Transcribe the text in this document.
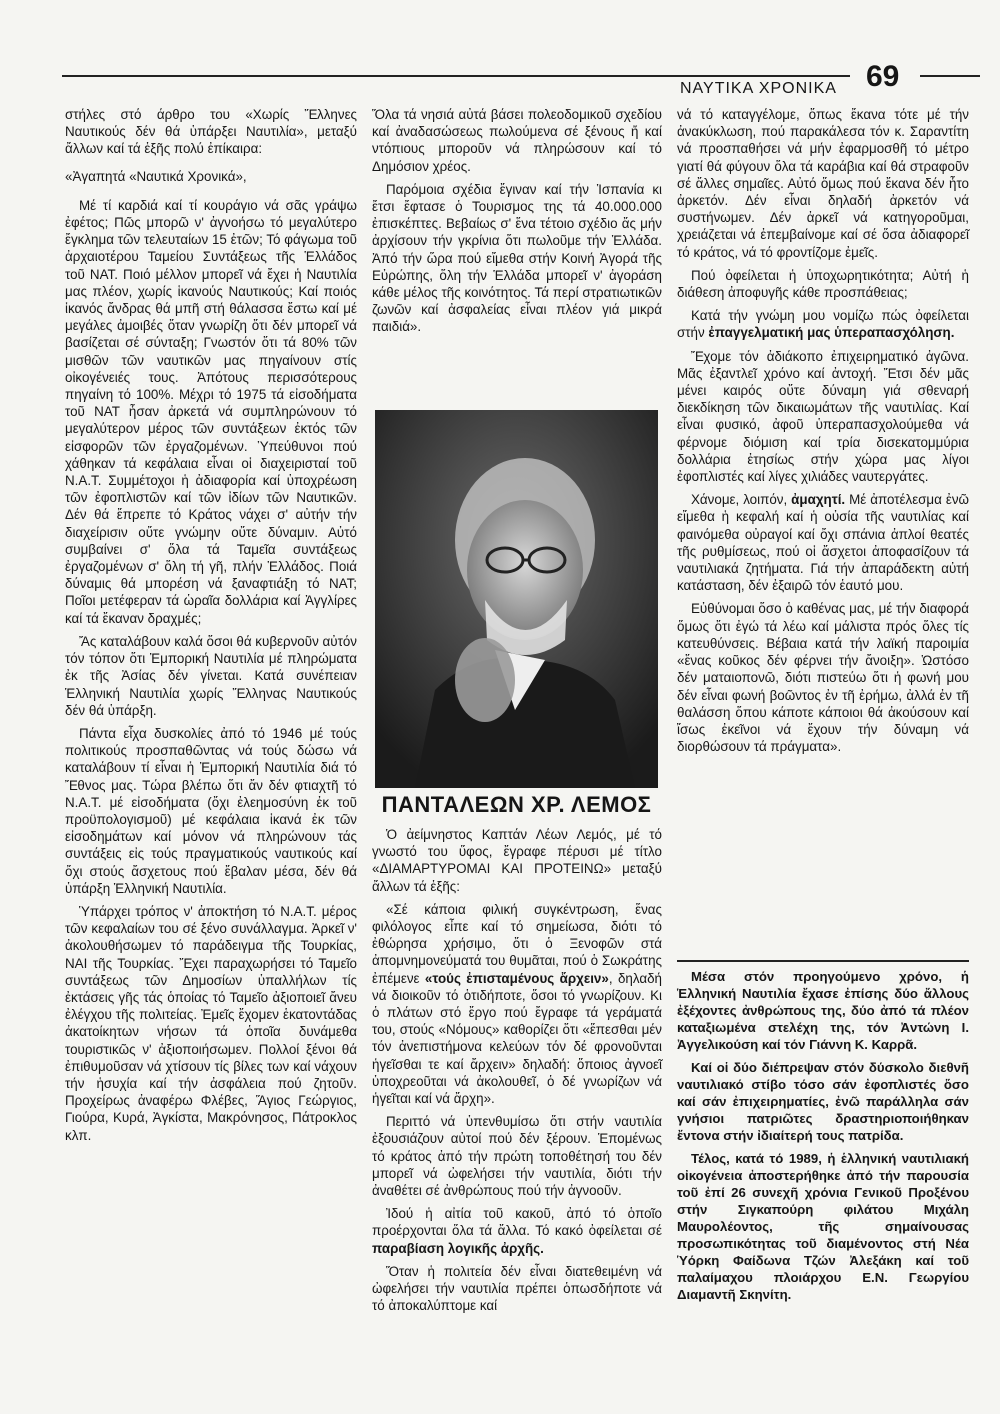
ΝΑΥΤΙΚΑ ΧΡΟΝΙΚΑ 69

στήλες στό άρθρο του «Χωρίς Ἕλληνες Ναυτικούς δέν θά ὑπάρξει Ναυτιλία», μεταξύ ἄλλων καί τά ἑξῆς πολύ ἐπίκαιρα:

«Ἀγαπητά «Ναυτικά Χρονικά»,

Μέ τί καρδιά καί τί κουράγιο νά σᾶς γράψω ἐφέτος; Πῶς μπορῶ ν' ἀγνοήσω τό μεγαλύτερο ἔγκλημα τῶν τελευταίων 15 ἐτῶν; Τό φάγωμα τοῦ ἀρχαιοτέρου Ταμείου Συντάξεως τῆς Ἑλλάδος τοῦ ΝΑΤ. Ποιό μέλλον μπορεῖ νά ἔχει ἡ Ναυτιλία μας πλέον, χωρίς ἱκανούς Ναυτικούς; Καί ποιός ἱκανός ἄνδρας θά μπῆ στή θάλασσα ἔστω καί μέ μεγάλες ἀμοιβές ὅταν γνωρίζη ὅτι δέν μπορεῖ νά βασίζεται σέ σύνταξη; Γνωστόν ὅτι τά 80% τῶν μισθῶν τῶν ναυτικῶν μας πηγαίνουν στίς οἰκογένειές τους. Ἀπότους περισσότερους πηγαίνη τό 100%. Μέχρι τό 1975 τά εἰσοδήματα τοῦ ΝΑΤ ἦσαν ἀρκετά νά συμπληρώνουν τό μεγαλύτερον μέρος τῶν συντάξεων ἐκτός τῶν εἰσφορῶν τῶν ἐργαζομένων. Ὑπεύθυνοι πού χάθηκαν τά κεφάλαια εἶναι οἱ διαχειρισταί τοῦ Ν.Α.Τ. Συμμέτοχοι ἡ ἀδιαφορία καί ὑποχρέωση τῶν ἐφοπλιστῶν καί τῶν ἰδίων τῶν Ναυτικῶν. Δέν θά ἔπρεπε τό Κράτος νάχει σ' αὐτήν τήν διαχείρισιν οὔτε γνώμην οὔτε δύναμιν. Αὐτό συμβαίνει σ' ὅλα τά Ταμεῖα συντάξεως ἐργαζομένων σ' ὅλη τή γῆ, πλήν Ἑλλάδος. Ποιά δύναμις θά μπορέση νά ξαναφτιάξη τό ΝΑΤ; Ποῖοι μετέφεραν τά ὡραῖα δολλάρια καί Ἀγγλίρες καί τά ἔκαναν δραχμές;

Ἄς καταλάβουν καλά ὅσοι θά κυβερνοῦν αὐτόν τόν τόπον ὅτι Ἐμπορική Ναυτιλία μέ πληρώματα ἐκ τῆς Ἀσίας δέν γίνεται. Κατά συνέπειαν Ἑλληνική Ναυτιλία χωρίς Ἕλληνας Ναυτικούς δέν θά ὑπάρξη.

Πάντα εἶχα δυσκολίες ἀπό τό 1946 μέ τούς πολιτικούς προσπαθῶντας νά τούς δώσω νά καταλάβουν τί εἶναι ἡ Ἐμπορική Ναυτιλία διά τό Ἔθνος μας. Τώρα βλέπω ὅτι ἄν δέν φτιαχτῆ τό Ν.Α.Τ. μέ εἰσοδήματα (ὄχι ἐλεημοσύνη ἐκ τοῦ προϋπολογισμοῦ) μέ κεφάλαια ἱκανά ἐκ τῶν εἰσοδημάτων καί μόνον νά πληρώνουν τάς συντάξεις εἰς τούς πραγματικούς ναυτικούς καί ὄχι στούς ἄσχετους πού ἔβαλαν μέσα, δέν θά ὑπάρξη Ἑλληνική Ναυτιλία.

Ὑπάρχει τρόπος ν' ἀποκτήση τό Ν.Α.Τ. μέρος τῶν κεφαλαίων του σέ ξένο συνάλλαγμα. Ἀρκεῖ ν' ἀκολουθήσωμεν τό παράδειγμα τῆς Τουρκίας, ΝΑΙ τῆς Τουρκίας. Ἔχει παραχωρήσει τό Ταμεῖο συντάξεως τῶν Δημοσίων ὑπαλλήλων τίς ἐκτάσεις γῆς τάς ὁποίας τό Ταμεῖο ἀξιοποιεῖ ἄνευ ἐλέγχου τῆς πολιτείας. Ἐμεῖς ἔχομεν ἑκατοντάδας ἀκατοίκητων νήσων τά ὁποῖα δυνάμεθα τουριστικῶς ν' ἀξιοποιήσωμεν. Πολλοί ξένοι θά ἐπιθυμοῦσαν νά χτίσουν τίς βίλες των καί νάχουν τήν ἡσυχία καί τήν ἀσφάλεια πού ζητοῦν. Προχείρως ἀναφέρω Φλέβες, Ἅγιος Γεώργιος, Γιούρα, Κυρά, Ἀγκίστα, Μακρόνησος, Πάτροκλος κλπ.

Ὅλα τά νησιά αὐτά βάσει πολεοδομικοῦ σχεδίου καί ἀναδασώσεως πωλούμενα σέ ξένους ἤ καί ντόπιους μποροῦν νά πληρώσουν καί τό Δημόσιον χρέος.

Παρόμοια σχέδια ἔγιναν καί τήν Ἱσπανία κι ἔτσι ἔφτασε ὁ Τουρισμος της τά 40.000.000 ἐπισκέπτες. Βεβαίως σ' ἕνα τέτοιο σχέδιο ἄς μήν ἀρχίσουν τήν γκρίνια ὅτι πωλοῦμε τήν Ἑλλάδα. Ἀπό τήν ὥρα πού εἴμεθα στήν Κοινή Ἀγορά τῆς Εὐρώπης, ὅλη τήν Ἑλλάδα μπορεῖ ν' ἀγοράση κάθε μέλος τῆς κοινότητος. Τά περί στρατιωτικῶν ζωνῶν καί ἀσφαλείας εἶναι πλέον γιά μικρά παιδιά».

ΠΑΝΤΑΛΕΩΝ ΧΡ. ΛΕΜΟΣ

Ὁ ἀείμνηστος Καπτάν Λέων Λεμός, μέ τό γνωστό του ὕφος, ἔγραφε πέρυσι μέ τίτλο «ΔΙΑΜΑΡΤΥΡΟΜΑΙ ΚΑΙ ΠΡΟΤΕΙΝΩ» μεταξύ ἄλλων τά ἑξῆς:

«Σέ κάποια φιλική συγκέντρωση, ἕνας φιλόλογος εἶπε καί τό σημείωσα, διότι τό ἐθώρησα χρήσιμο, ὅτι ὁ Ξενοφῶν στά ἀπομνημονεύματά του θυμᾶται, πού ὁ Σωκράτης ἐπέμενε «τούς ἐπισταμένους ἄρχειν», δηλαδή νά διοικοῦν τό ὁτιδήποτε, ὅσοι τό γνωρίζουν. Κι ὁ πλάτων στό ἔργο πού ἔγραφε τά γεράματά του, στούς «Νόμους» καθορίζει ὅτι «ἕπεσθαι μέν τόν ἀνεπιστήμονα κελεύων τόν δέ φρονοῦνται ἡγεῖσθαι τε καί ἄρχειν» δηλαδή: ὅποιος ἀγνοεῖ ὑποχρεοῦται νά ἀκολουθεῖ, ὁ δέ γνωρίζων νά ἡγεῖται καί νά ἄρχη».

Περιττό νά ὑπενθυμίσω ὅτι στήν ναυτιλία ἐξουσιάζουν αὐτοί πού δέν ξέρουν. Ἑπομένως τό κράτος ἀπό τήν πρώτη τοποθέτησή του δέν μπορεῖ νά ὠφελήσει τήν ναυτιλία, διότι τήν ἀναθέτει σέ ἀνθρώπους πού τήν ἀγνοοῦν.

Ἰδού ἡ αἰτία τοῦ κακοῦ, ἀπό τό ὁποῖο προέρχονται ὅλα τά ἄλλα. Τό κακό ὀφείλεται σέ παραβίαση λογικῆς ἀρχῆς.

Ὅταν ἡ πολιτεία δέν εἶναι διατεθειμένη νά ὠφελήσει τήν ναυτιλία πρέπει ὁπωσδήποτε νά τό ἀποκαλύπτομε καί

νά τό καταγγέλομε, ὅπως ἔκανα τότε μέ τήν ἀνακύκλωση, πού παρακάλεσα τόν κ. Σαραντίτη νά προσπαθήσει νά μήν ἐφαρμοσθῆ τό μέτρο γιατί θά φύγουν ὅλα τά καράβια καί θά στραφοῦν σέ ἄλλες σημαῖες. Αὐτό ὅμως πού ἔκανα δέν ἦτο ἀρκετόν. Δέν εἶναι δηλαδή ἀρκετόν νά συστήνωμεν. Δέν ἀρκεῖ νά κατηγοροῦμαι, χρειάζεται νά ἐπεμβαίνομε καί σέ ὅσα ἀδιαφορεῖ τό κράτος, νά τό φροντίζομε ἐμεῖς.

Πού ὀφείλεται ἡ ὑποχωρητικότητα; Αὐτή ἡ διάθεση ἀποφυγῆς κάθε προσπάθειας;

Κατά τήν γνώμη μου νομίζω πώς ὀφείλεται στήν ἐπαγγελματική μας ὑπεραπασχόληση.

Ἔχομε τόν ἀδιάκοπο ἐπιχειρηματικό ἀγῶνα. Μᾶς ἐξαντλεῖ χρόνο καί ἀντοχή. Ἔτσι δέν μᾶς μένει καιρός οὔτε δύναμη γιά σθεναρή διεκδίκηση τῶν δικαιωμάτων τῆς ναυτιλίας. Καί εἶναι φυσικό, ἀφοῦ ὑπεραπασχολούμεθα νά φέρνομε διόμιση καί τρία δισεκατομμύρια δολλάρια ἐτησίως στήν χώρα μας λίγοι ἐφοπλιστές καί λίγες χιλιάδες ναυτεργάτες.

Χάνομε, λοιπόν, ἀμαχητί. Μέ ἀποτέλεσμα ἐνῶ εἴμεθα ἡ κεφαλή καί ἡ οὐσία τῆς ναυτιλίας καί φαινόμεθα οὐραγοί καί ὄχι σπάνια ἀπλοί θεατές τῆς ρυθμίσεως, πού οἱ ἄσχετοι ἀποφασίζουν τά ναυτιλιακά ζητήματα. Γιά τήν ἀπαράδεκτη αὐτή κατάσταση, δέν ἐξαιρῶ τόν ἑαυτό μου.

Εὐθύνομαι ὅσο ὁ καθένας μας, μέ τήν διαφορά ὅμως ὅτι ἐγώ τά λέω καί μάλιστα πρός ὅλες τίς κατευθύνσεις. Βέβαια κατά τήν λαϊκή παροιμία «ἕνας κοῦκος δέν φέρνει τήν ἄνοιξη». Ὡστόσο δέν ματαιοπονῶ, διότι πιστεύω ὅτι ἡ φωνή μου δέν εἶναι φωνή βοῶντος ἐν τῆ ἐρήμω, ἀλλά ἐν τῆ θαλάσση ὅπου κάποτε κάποιοι θά ἀκούσουν καί ἴσως ἐκεῖνοι νά ἔχουν τήν δύναμη νά διορθώσουν τά πράγματα».

Μέσα στόν προηγούμενο χρόνο, ἡ Ἑλληνική Ναυτιλία ἔχασε ἐπίσης δύο ἄλλους ἐξέχοντες ἀνθρώπους της, δύο ἀπό τά πλέον καταξιωμένα στελέχη της, τόν Ἀντώνη Ι. Ἀγγελικούση καί τόν Γιάννη Κ. Καρρᾶ.

Καί οἱ δύο διέπρεψαν στόν δύσκολο διεθνῆ ναυτιλιακό στίβο τόσο σάν ἐφοπλιστές ὅσο καί σάν ἐπιχειρηματίες, ἐνῶ παράλληλα σάν γνήσιοι πατριῶτες δραστηριοποιήθηκαν ἔντονα στήν ἰδιαίτερή τους πατρίδα.

Τέλος, κατά τό 1989, ἡ ἑλληνική ναυτιλιακή οἰκογένεια ἀποστερήθηκε ἀπό τήν παρουσία τοῦ ἐπί 26 συνεχῆ χρόνια Γενικοῦ Προξένου στήν Σιγκαπούρη φιλάτου Μιχάλη Μαυρολέοντος, τῆς σημαίνουσας προσωπικότητας τοῦ διαμένοντος στή Νέα Ὑόρκη Φαίδωνα Τζών Ἀλεξάκη καί τοῦ παλαίμαχου πλοιάρχου Ε.Ν. Γεωργίου Διαμαντῆ Σκηνίτη.
